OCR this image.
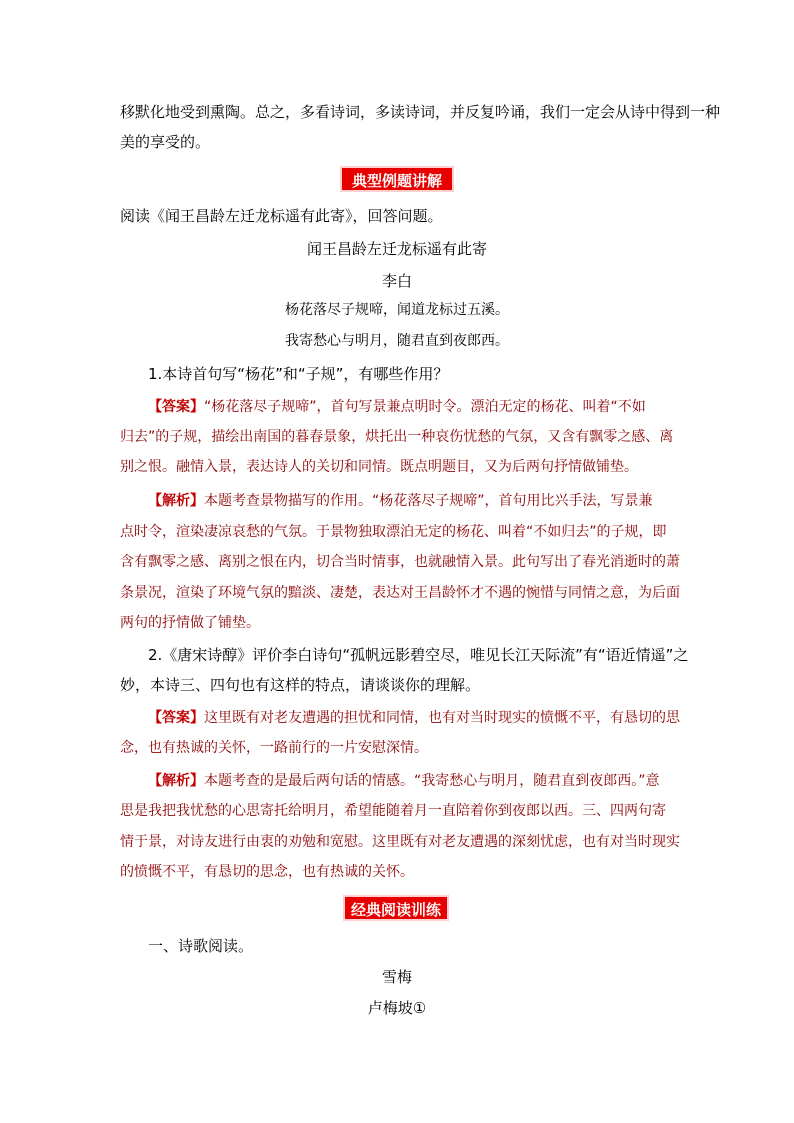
移默化地受到熏陶。总之，多看诗词，多读诗词，并反复吟诵，我们一定会从诗中得到一种

美的享受的。

典型例题讲解

阅读《闻王昌龄左迁龙标遥有此寄》，回答问题。

闻王昌龄左迁龙标遥有此寄

李白

杨花落尽子规啼，闻道龙标过五溪。

我寄愁心与明月，随君直到夜郎西。

1.本诗首句写“杨花”和“子规”，有哪些作用？

【答案】“杨花落尽子规啼”，首句写景兼点明时令。漂泊无定的杨花、叫着“不如

归去”的子规，描绘出南国的暮春景象，烘托出一种哀伤忧愁的气氛，又含有飘零之感、离

别之恨。融情入景，表达诗人的关切和同情。既点明题目，又为后两句抒情做铺垫。

【解析】本题考查景物描写的作用。“杨花落尽子规啼”，首句用比兴手法，写景兼

点时令，渲染凄凉哀愁的气氛。于景物独取漂泊无定的杨花、叫着“不如归去”的子规，即

含有飘零之感、离别之恨在内，切合当时情事，也就融情入景。此句写出了春光消逝时的萧

条景况，渲染了环境气氛的黯淡、凄楚，表达对王昌龄怀才不遇的惋惜与同情之意，为后面

两句的抒情做了铺垫。

2.《唐宋诗醇》评价李白诗句“孤帆远影碧空尽，唯见长江天际流”有“语近情遥”之

妙，本诗三、四句也有这样的特点，请谈谈你的理解。

【答案】这里既有对老友遭遇的担忧和同情，也有对当时现实的愤慨不平，有恳切的思

念，也有热诚的关怀，一路前行的一片安慰深情。

【解析】本题考查的是最后两句话的情感。“我寄愁心与明月，随君直到夜郎西。”意

思是我把我忧愁的心思寄托给明月，希望能随着月一直陪着你到夜郎以西。三、四两句寄

情于景，对诗友进行由衷的劝勉和宽慰。这里既有对老友遭遇的深刻忧虑，也有对当时现实

的愤慨不平，有恳切的思念，也有热诚的关怀。

经典阅读训练

一、诗歌阅读。

雪梅

卢梅坡①
